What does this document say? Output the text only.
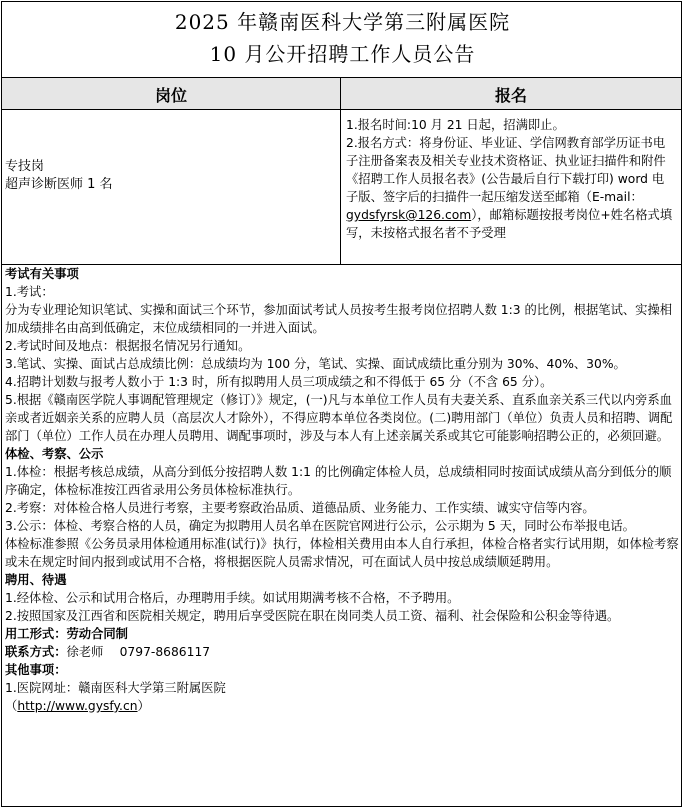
2025 年赣南医科大学第三附属医院
10 月公开招聘工作人员公告
岗位	报名
专技岗
超声诊断医师 1 名

1.报名时间:10 月 21 日起，招满即止。

2.报名方式：将身份证、毕业证、学信网教育部学历证书电子注册备案表及相关专业技术资格证、执业证扫描件和附件《招聘工作人员报名表》(公告最后自行下载打印) word 电子版、签字后的扫描件一起压缩发送至邮箱（E-mail：gydsfyrsk@126.com），邮箱标题按报考岗位+姓名格式填写，未按格式报名者不予受理

考试有关事项

1.考试：

分为专业理论知识笔试、实操和面试三个环节，参加面试考试人员按考生报考岗位招聘人数 1:3 的比例，根据笔试、实操相加成绩排名由高到低确定，末位成绩相同的一并进入面试。

2.考试时间及地点：根据报名情况另行通知。

3.笔试、实操、面试占总成绩比例：总成绩均为 100 分，笔试、实操、面试成绩比重分别为 30%、40%、30%。

4.招聘计划数与报考人数小于 1:3 时，所有拟聘用人员三项成绩之和不得低于 65 分（不含 65 分）。

5.根据《赣南医学院人事调配管理规定（修订）》规定，(一)凡与本单位工作人员有夫妻关系、直系血亲关系三代以内旁系血亲或者近姻亲关系的应聘人员（高层次人才除外），不得应聘本单位各类岗位。(二)聘用部门（单位）负责人员和招聘、调配部门（单位）工作人员在办理人员聘用、调配事项时，涉及与本人有上述亲属关系或其它可能影响招聘公正的，必须回避。

体检、考察、公示

1.体检：根据考核总成绩，从高分到低分按招聘人数 1:1 的比例确定体检人员，总成绩相同时按面试成绩从高分到低分的顺序确定，体检标准按江西省录用公务员体检标准执行。

2.考察：对体检合格人员进行考察，主要考察政治品质、道德品质、业务能力、工作实绩、诚实守信等内容。

3.公示：体检、考察合格的人员，确定为拟聘用人员名单在医院官网进行公示，公示期为 5 天，同时公布举报电话。

体检标准参照《公务员录用体检通用标准(试行)》执行，体检相关费用由本人自行承担，体检合格者实行试用期，如体检考察或未在规定时间内报到或试用不合格，将根据医院人员需求情况，可在面试人员中按总成绩顺延聘用。

聘用、待遇

1.经体检、公示和试用合格后，办理聘用手续。如试用期满考核不合格，不予聘用。

2.按照国家及江西省和医院相关规定，聘用后享受医院在职在岗同类人员工资、福利、社会保险和公积金等待遇。

用工形式：劳动合同制

联系方式：徐老师　 0797-8686117

其他事项：

1.医院网址：赣南医科大学第三附属医院

（http://www.gysfy.cn）
